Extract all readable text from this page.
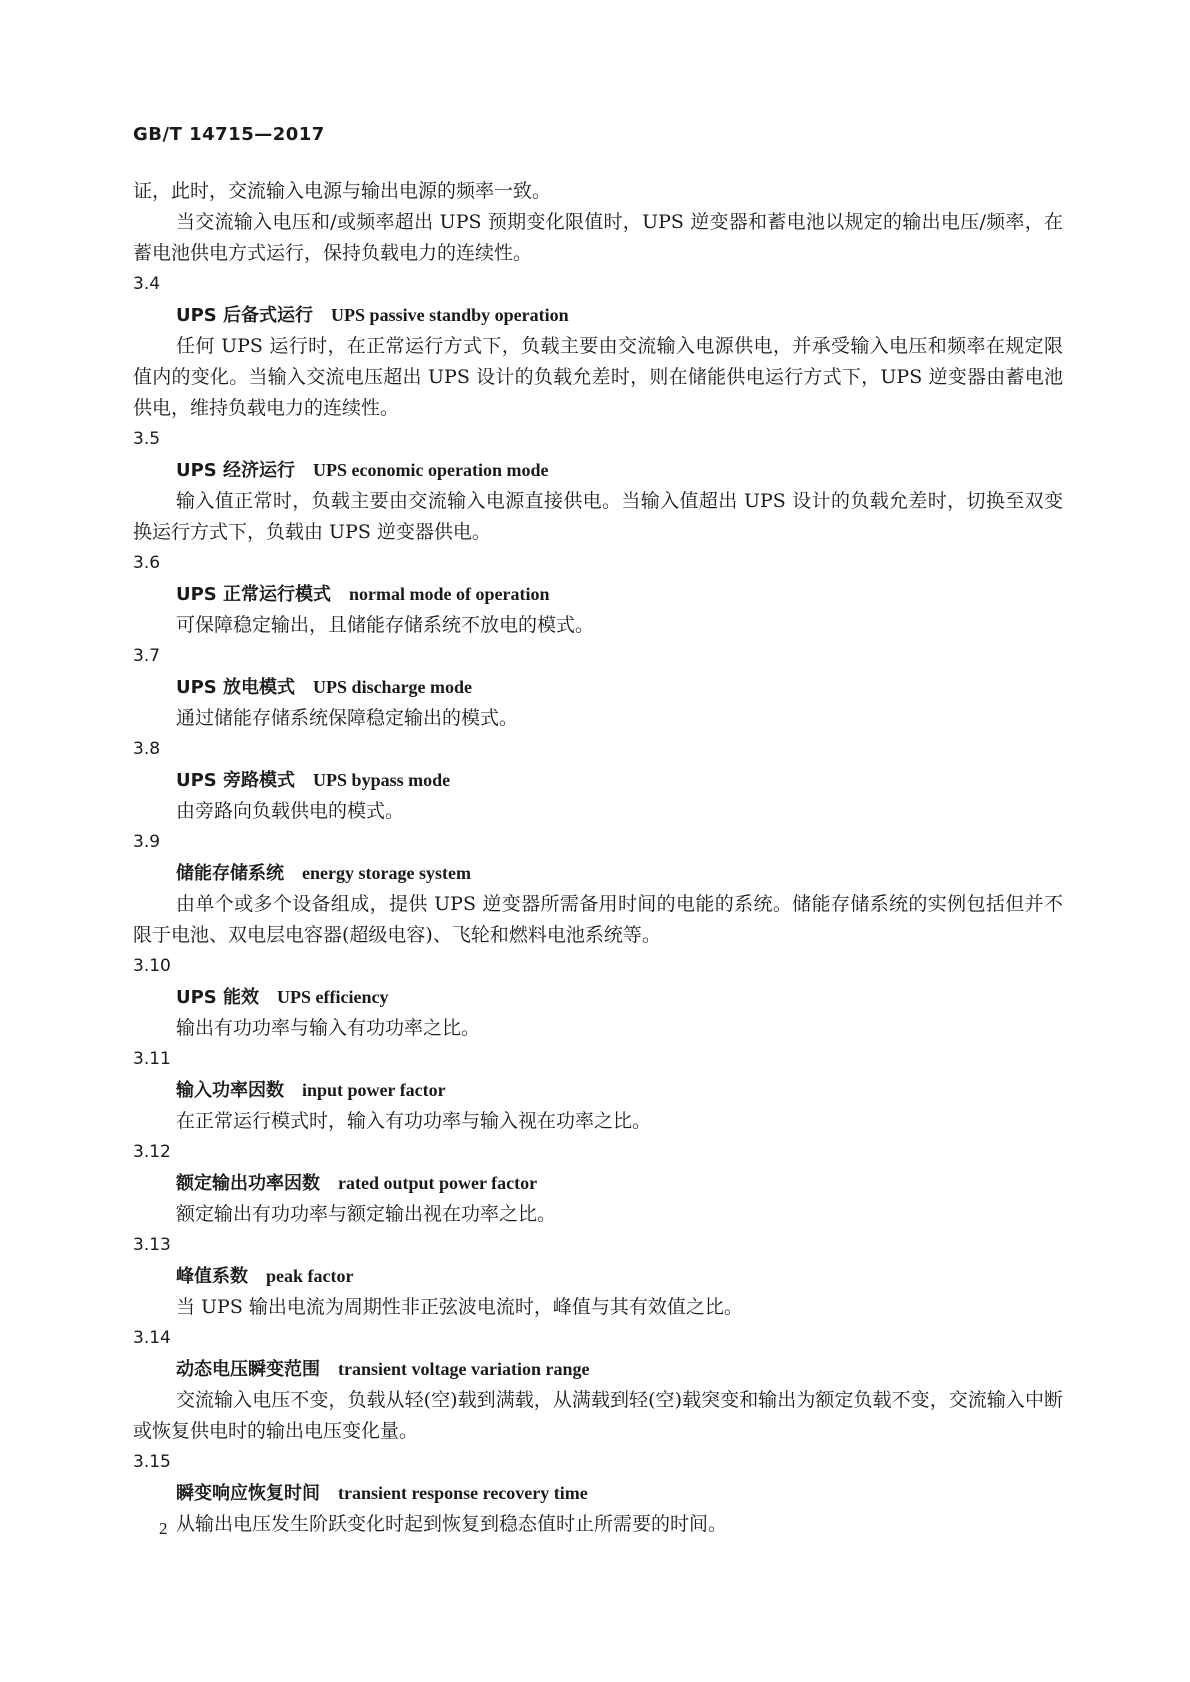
GB/T 14715—2017

证，此时，交流输入电源与输出电源的频率一致。

当交流输入电压和/或频率超出 UPS 预期变化限值时，UPS 逆变器和蓄电池以规定的输出电压/频率，在蓄电池供电方式运行，保持负载电力的连续性。

3.4

UPS 后备式运行 UPS passive standby operation

任何 UPS 运行时，在正常运行方式下，负载主要由交流输入电源供电，并承受输入电压和频率在规定限值内的变化。当输入交流电压超出 UPS 设计的负载允差时，则在储能供电运行方式下，UPS 逆变器由蓄电池供电，维持负载电力的连续性。

3.5

UPS 经济运行 UPS economic operation mode

输入值正常时，负载主要由交流输入电源直接供电。当输入值超出 UPS 设计的负载允差时，切换至双变换运行方式下，负载由 UPS 逆变器供电。

3.6

UPS 正常运行模式 normal mode of operation

可保障稳定输出，且储能存储系统不放电的模式。

3.7

UPS 放电模式 UPS discharge mode

通过储能存储系统保障稳定输出的模式。

3.8

UPS 旁路模式 UPS bypass mode

由旁路向负载供电的模式。

3.9

储能存储系统 energy storage system

由单个或多个设备组成，提供 UPS 逆变器所需备用时间的电能的系统。储能存储系统的实例包括但并不限于电池、双电层电容器(超级电容)、飞轮和燃料电池系统等。

3.10

UPS 能效 UPS efficiency

输出有功功率与输入有功功率之比。

3.11

输入功率因数 input power factor

在正常运行模式时，输入有功功率与输入视在功率之比。

3.12

额定输出功率因数 rated output power factor

额定输出有功功率与额定输出视在功率之比。

3.13

峰值系数 peak factor

当 UPS 输出电流为周期性非正弦波电流时，峰值与其有效值之比。

3.14

动态电压瞬变范围 transient voltage variation range

交流输入电压不变，负载从轻(空)载到满载，从满载到轻(空)载突变和输出为额定负载不变，交流输入中断或恢复供电时的输出电压变化量。

3.15

瞬变响应恢复时间 transient response recovery time

从输出电压发生阶跃变化时起到恢复到稳态值时止所需要的时间。

2
